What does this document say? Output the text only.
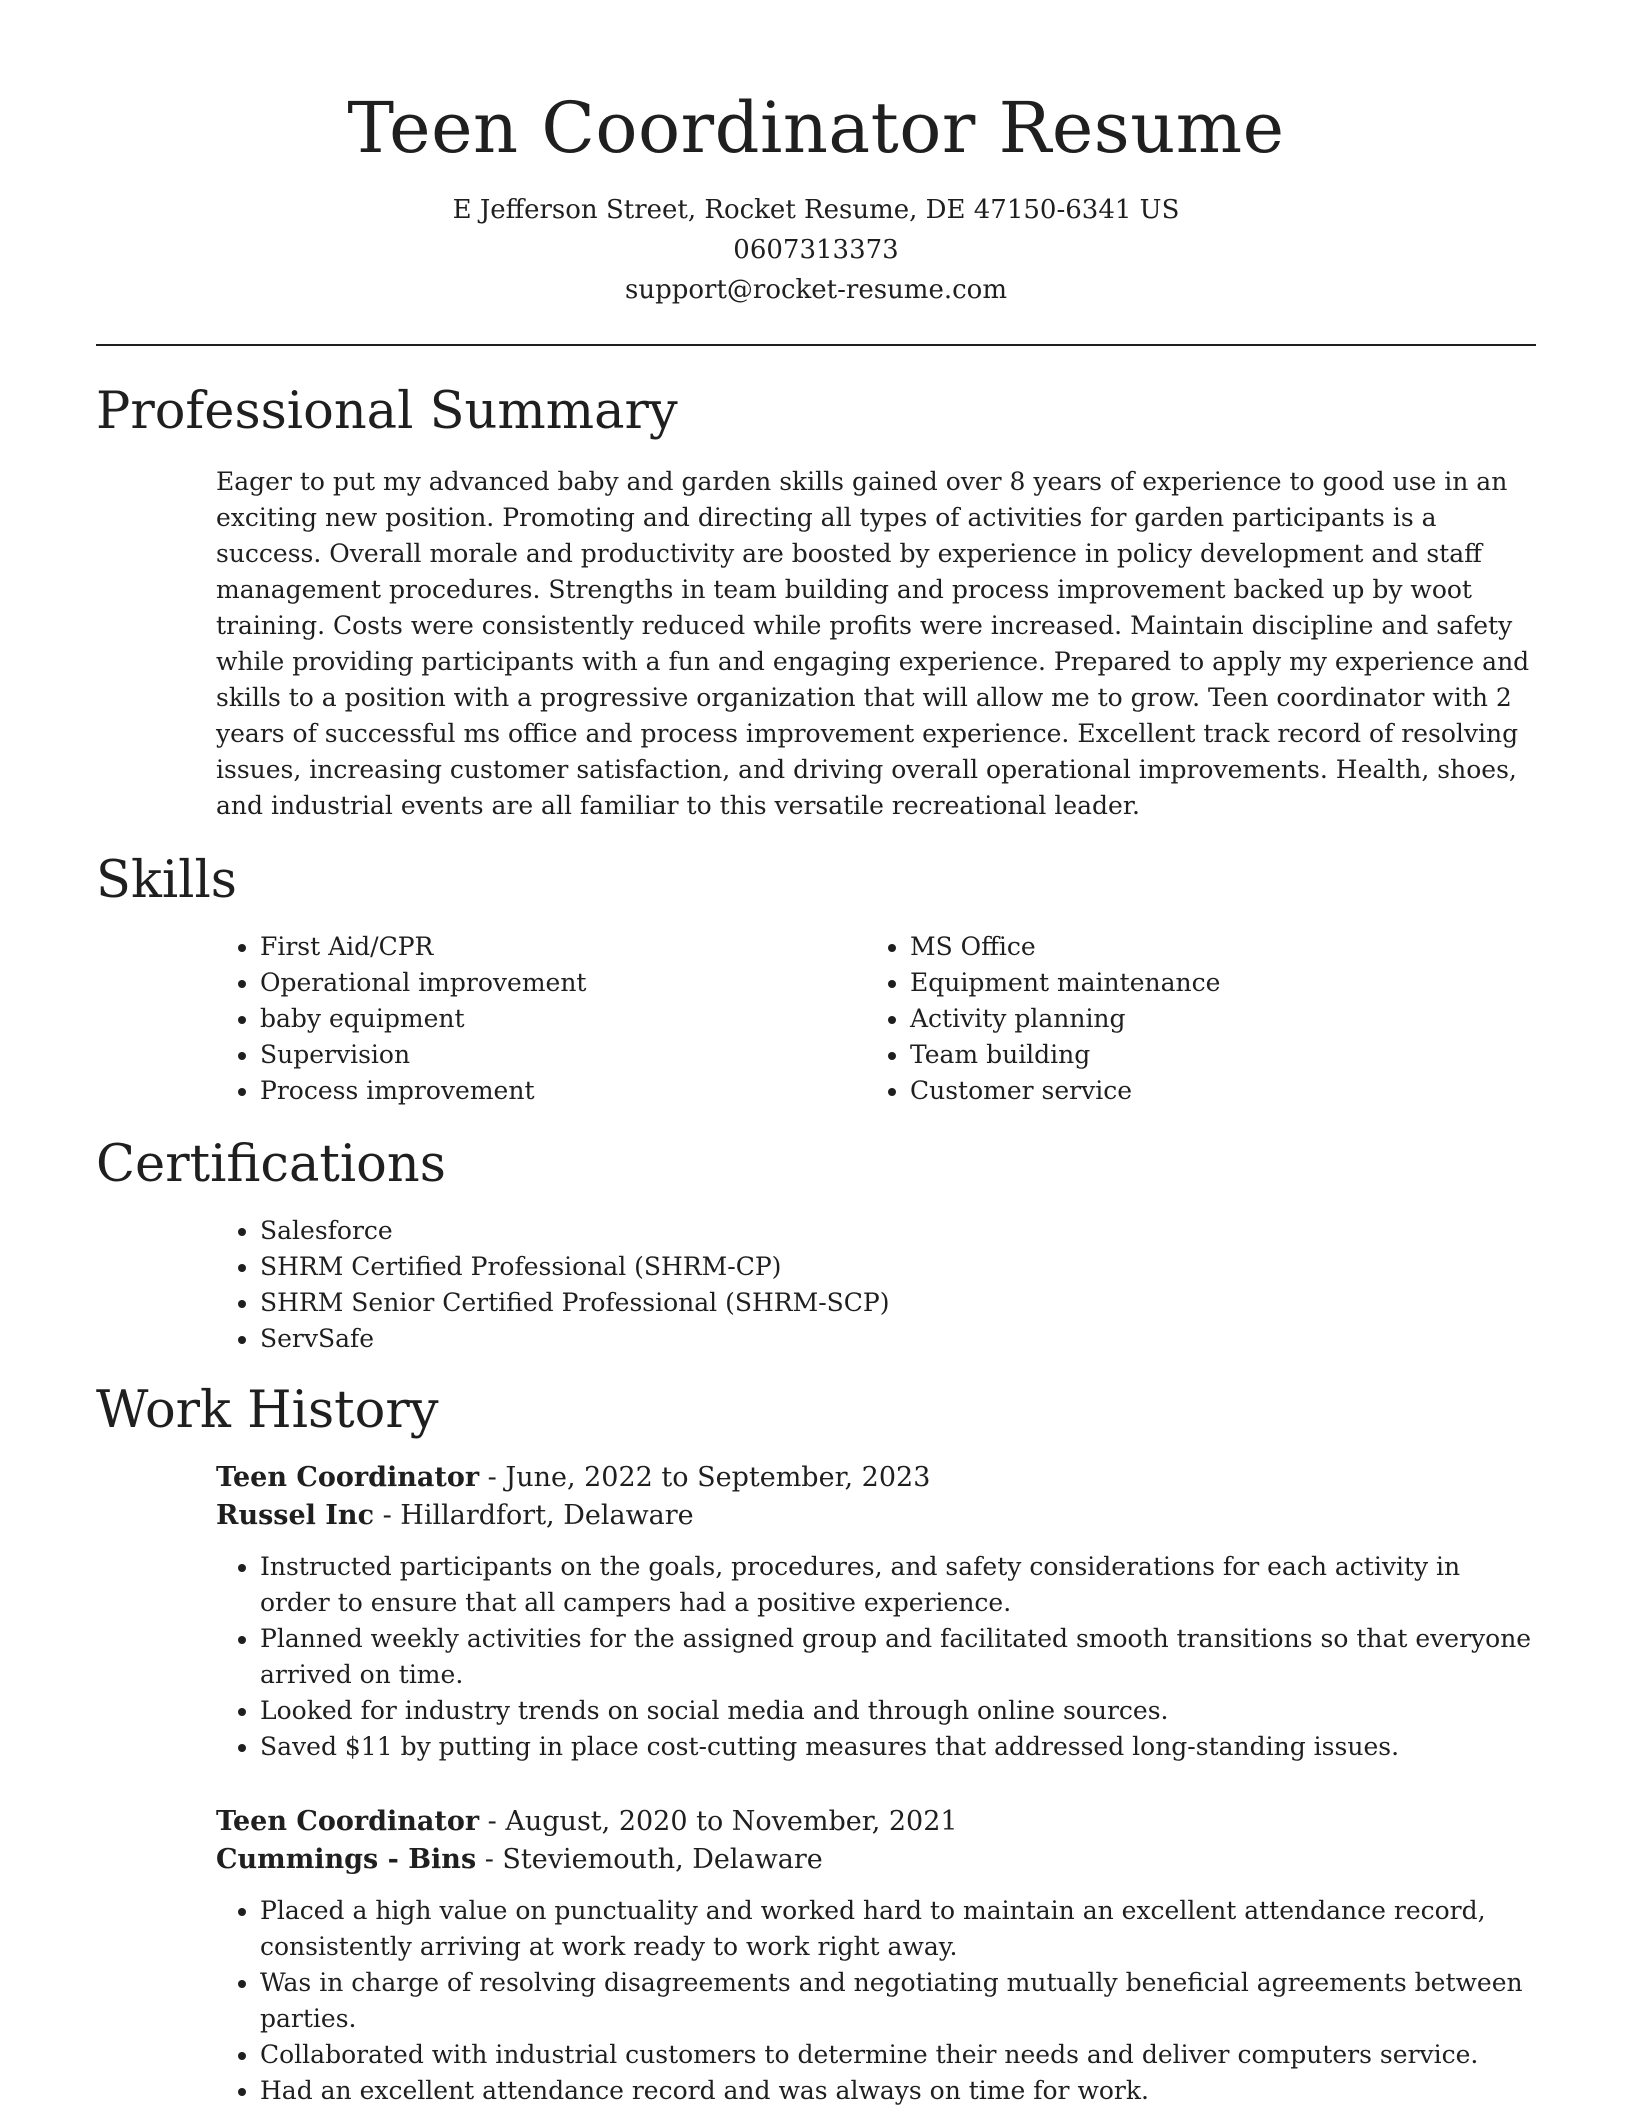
Teen Coordinator Resume
E Jefferson Street, Rocket Resume, DE 47150-6341 US
0607313373
support@rocket-resume.com
Professional Summary

Eager to put my advanced baby and garden skills gained over 8 years of experience to good use in an exciting new position. Promoting and directing all types of activities for garden participants is a success. Overall morale and productivity are boosted by experience in policy development and staff management procedures. Strengths in team building and process improvement backed up by woot training. Costs were consistently reduced while profits were increased. Maintain discipline and safety while providing participants with a fun and engaging experience. Prepared to apply my experience and skills to a position with a progressive organization that will allow me to grow. Teen coordinator with 2 years of successful ms office and process improvement experience. Excellent track record of resolving issues, increasing customer satisfaction, and driving overall operational improvements. Health, shoes, and industrial events are all familiar to this versatile recreational leader.

Skills
• First Aid/CPR
• Operational improvement
• baby equipment
• Supervision
• Process improvement
• MS Office
• Equipment maintenance
• Activity planning
• Team building
• Customer service
Certifications
• Salesforce
• SHRM Certified Professional (SHRM-CP)
• SHRM Senior Certified Professional (SHRM-SCP)
• ServSafe
Work History
Teen Coordinator - June, 2022 to September, 2023
Russel Inc - Hillardfort, Delaware
• Instructed participants on the goals, procedures, and safety considerations for each activity in order to ensure that all campers had a positive experience.
• Planned weekly activities for the assigned group and facilitated smooth transitions so that everyone arrived on time.
• Looked for industry trends on social media and through online sources.
• Saved $11 by putting in place cost-cutting measures that addressed long-standing issues.
Teen Coordinator - August, 2020 to November, 2021
Cummings - Bins - Steviemouth, Delaware
• Placed a high value on punctuality and worked hard to maintain an excellent attendance record, consistently arriving at work ready to work right away.
• Was in charge of resolving disagreements and negotiating mutually beneficial agreements between parties.
• Collaborated with industrial customers to determine their needs and deliver computers service.
• Had an excellent attendance record and was always on time for work.
